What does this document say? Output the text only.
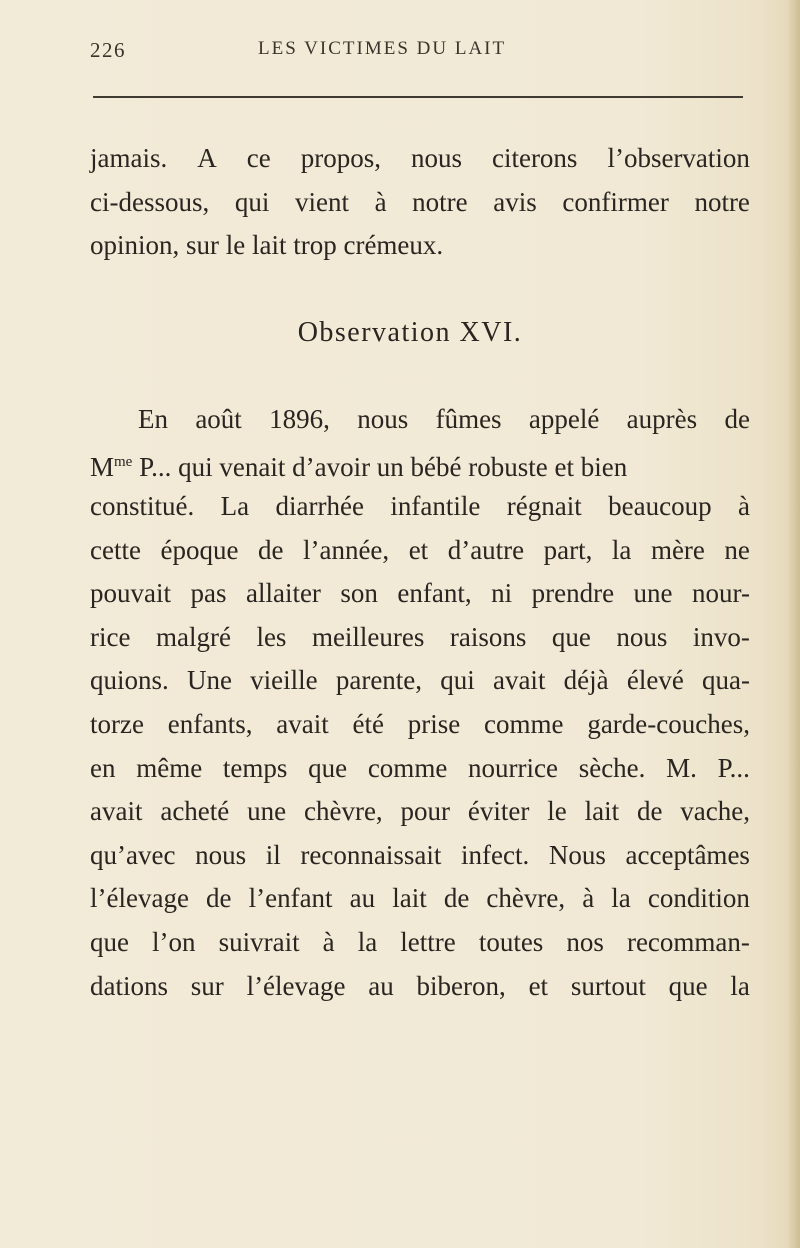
226	LES VICTIMES DU LAIT
jamais. A ce propos, nous citerons l’observation
ci-dessous, qui vient à notre avis confirmer notre
opinion, sur le lait trop crémeux.
Observation XVI.
En août 1896, nous fûmes appelé auprès de
$M^{me}$ P... qui venait d’avoir un bébé robuste et bien
constitué. La diarrhée infantile régnait beaucoup à
cette époque de l’année, et d’autre part, la mère ne
pouvait pas allaiter son enfant, ni prendre une nour-
rice malgré les meilleures raisons que nous invo-
quions. Une vieille parente, qui avait déjà élevé qua-
torze enfants, avait été prise comme garde-couches,
en même temps que comme nourrice sèche. M. P...
avait acheté une chèvre, pour éviter le lait de vache,
qu’avec nous il reconnaissait infect. Nous acceptâmes
l’élevage de l’enfant au lait de chèvre, à la condition
que l’on suivrait à la lettre toutes nos recomman-
dations sur l’élevage au biberon, et surtout que la
